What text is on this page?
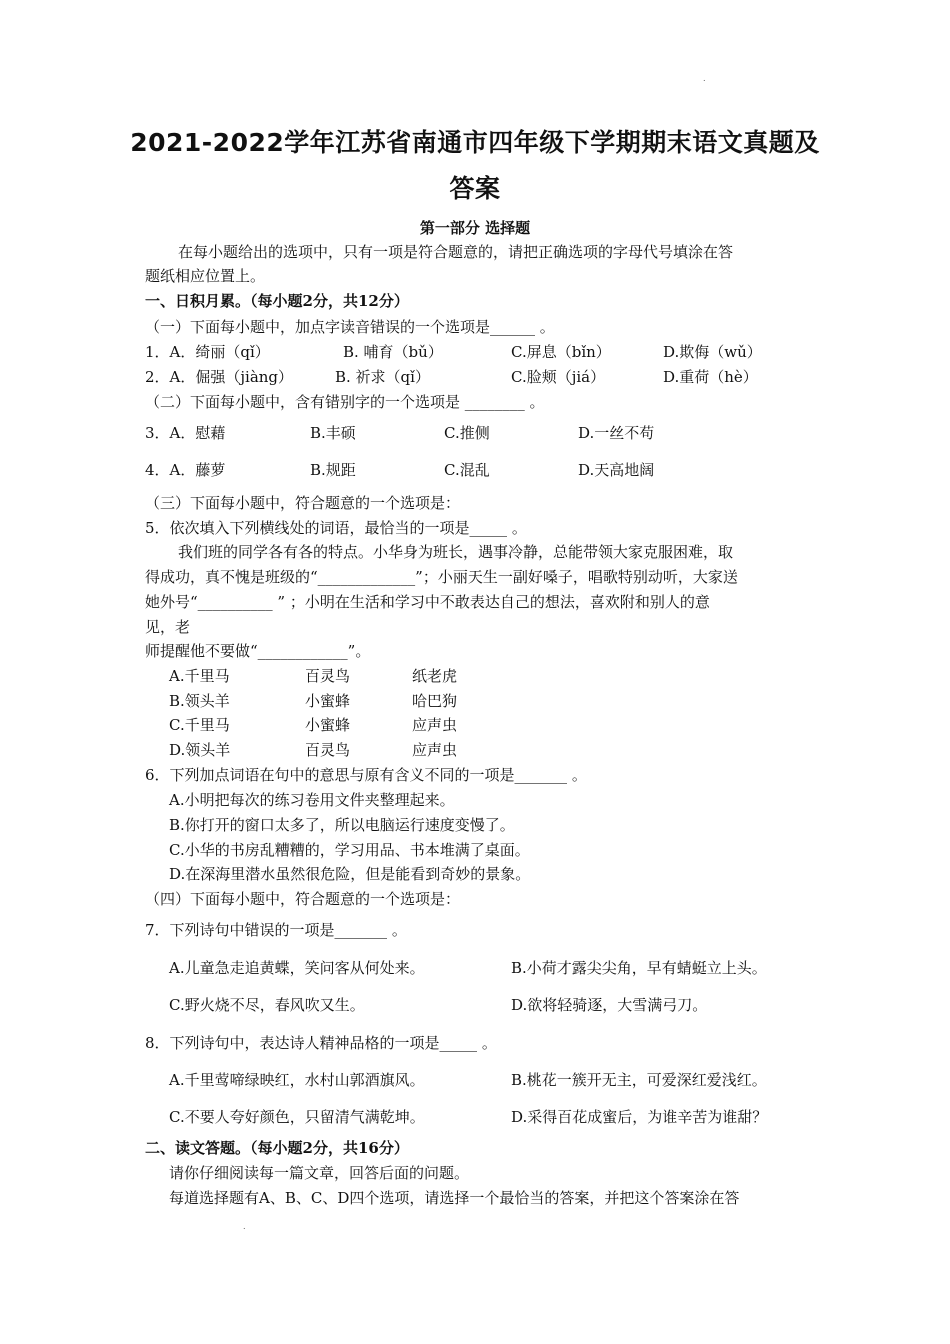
.
2021-2022学年江苏省南通市四年级下学期期末语文真题及
答案
第一部分 选择题
在每小题给出的选项中，只有一项是符合题意的，请把正确选项的字母代号填涂在答
题纸相应位置上。
一、日积月累。（每小题2分，共12分）
（一）下面每小题中，加点字读音错误的一个选项是______ 。
1．A．绮丽（qǐ）	B. 哺育（bǔ）	C.屏息（bǐn）	D.欺侮（wǔ）
2．A．倔强（jiàng）	B. 祈求（qǐ）	C.脸颊（jiá）	D.重荷（hè）
（二）下面每小题中，含有错别字的一个选项是 ________ 。
3．A．慰藉	B.丰硕	C.推侧	D.一丝不苟
4．A．藤萝	B.规距	C.混乱	D.天高地阔
（三）下面每小题中，符合题意的一个选项是：
5．依次填入下列横线处的词语，最恰当的一项是_____ 。
我们班的同学各有各的特点。小华身为班长，遇事冷静，总能带领大家克服困难，取
得成功，真不愧是班级的“_____________”；小丽天生一副好嗓子，唱歌特别动听，大家送
她外号“__________ ” ；小明在生活和学习中不敢表达自己的想法，喜欢附和别人的意
见，老
师提醒他不要做“____________”。
A.千里马	百灵鸟	纸老虎
B.领头羊	小蜜蜂	哈巴狗
C.千里马	小蜜蜂	应声虫
D.领头羊	百灵鸟	应声虫
6．下列加点词语在句中的意思与原有含义不同的一项是_______ 。
A.小明把每次的练习卷用文件夹整理起来。
B.你打开的窗口太多了，所以电脑运行速度变慢了。
C.小华的书房乱糟糟的，学习用品、书本堆满了桌面。
D.在深海里潜水虽然很危险，但是能看到奇妙的景象。
（四）下面每小题中，符合题意的一个选项是：
7．下列诗句中错误的一项是_______ 。
A.儿童急走追黄蝶，笑问客从何处来。	B.小荷才露尖尖角，早有蜻蜓立上头。
C.野火烧不尽，春风吹又生。	D.欲将轻骑逐，大雪满弓刀。
8．下列诗句中，表达诗人精神品格的一项是_____ 。
A.千里莺啼绿映红，水村山郭酒旗风。	B.桃花一簇开无主，可爱深红爱浅红。
C.不要人夸好颜色，只留清气满乾坤。	D.采得百花成蜜后，为谁辛苦为谁甜？
二、读文答题。（每小题2分，共16分）
请你仔细阅读每一篇文章，回答后面的问题。
每道选择题有A、B、C、D四个选项，请选择一个最恰当的答案，并把这个答案涂在答
.
